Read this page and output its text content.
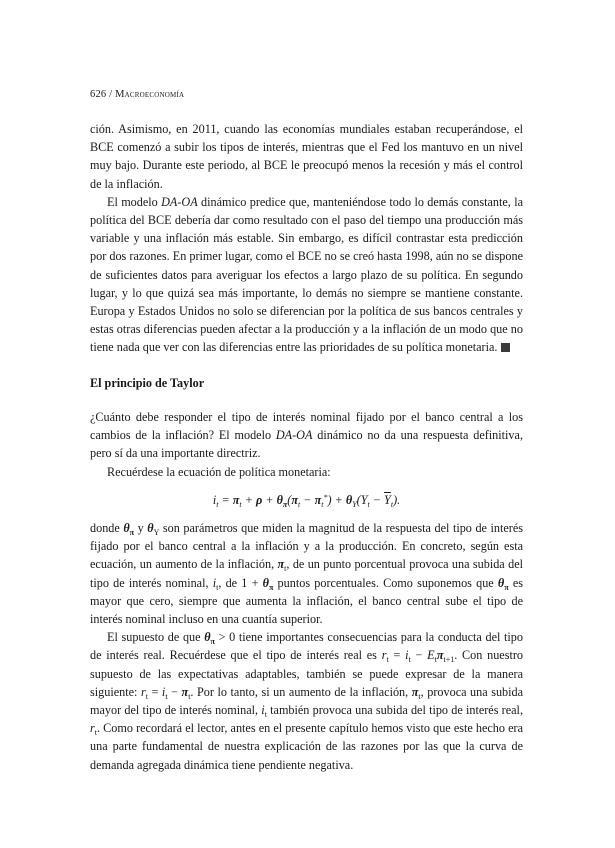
626 / Macroeconomía

ción. Asimismo, en 2011, cuando las economías mundiales estaban recuperándose, el BCE comenzó a subir los tipos de interés, mientras que el Fed los mantuvo en un nivel muy bajo. Durante este periodo, al BCE le preocupó menos la recesión y más el control de la inflación.

El modelo DA-OA dinámico predice que, manteniéndose todo lo demás constante, la política del BCE debería dar como resultado con el paso del tiempo una producción más variable y una inflación más estable. Sin embargo, es difícil contrastar esta predicción por dos razones. En primer lugar, como el BCE no se creó hasta 1998, aún no se dispone de suficientes datos para averiguar los efectos a largo plazo de su política. En segundo lugar, y lo que quizá sea más importante, lo demás no siempre se mantiene constante. Europa y Estados Unidos no solo se diferencian por la política de sus bancos centrales y estas otras diferencias pueden afectar a la producción y a la inflación de un modo que no tiene nada que ver con las diferencias entre las prioridades de su política monetaria.

El principio de Taylor

¿Cuánto debe responder el tipo de interés nominal fijado por el banco central a los cambios de la inflación? El modelo DA-OA dinámico no da una respuesta definitiva, pero sí da una importante directriz.

Recuérdese la ecuación de política monetaria:

$i_t = \pi_t + \rho + \theta_\pi(\pi_t - \pi_t^*) + \theta_Y(Y_t - \overline{Y}_t)$.

donde $\theta_\pi$ y $\theta_Y$ son parámetros que miden la magnitud de la respuesta del tipo de interés fijado por el banco central a la inflación y a la producción. En concreto, según esta ecuación, un aumento de la inflación, $\pi_t$, de un punto porcentual provoca una subida del tipo de interés nominal, $i_t$, de $1 + \theta_\pi$ puntos porcentuales. Como suponemos que $\theta_\pi$ es mayor que cero, siempre que aumenta la inflación, el banco central sube el tipo de interés nominal incluso en una cuantía superior.

El supuesto de que $\theta_\pi > 0$ tiene importantes consecuencias para la conducta del tipo de interés real. Recuérdese que el tipo de interés real es $r_t = i_t - E_t\pi_{t+1}$. Con nuestro supuesto de las expectativas adaptables, también se puede expresar de la manera siguiente: $r_t = i_t - \pi_t$. Por lo tanto, si un aumento de la inflación, $\pi_t$, provoca una subida mayor del tipo de interés nominal, $i_t$ también provoca una subida del tipo de interés real, $r_t$. Como recordará el lector, antes en el presente capítulo hemos visto que este hecho era una parte fundamental de nuestra explicación de las razones por las que la curva de demanda agregada dinámica tiene pendiente negativa.
